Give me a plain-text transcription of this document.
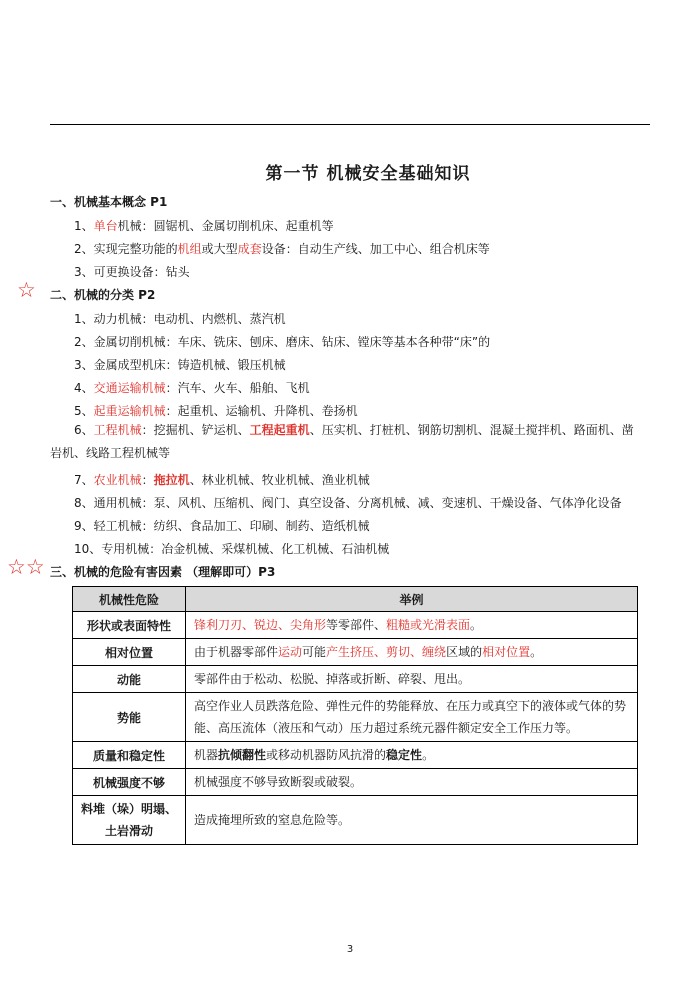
第一节 机械安全基础知识
一、机械基本概念 P1
1、单台机械：圆锯机、金属切削机床、起重机等
2、实现完整功能的机组或大型成套设备：自动生产线、加工中心、组合机床等
3、可更换设备：钻头
☆ 二、机械的分类 P2
1、动力机械：电动机、内燃机、蒸汽机
2、金属切削机械：车床、铣床、刨床、磨床、钻床、镗床等基本各种带“床”的
3、金属成型机床：铸造机械、锻压机械
4、交通运输机械：汽车、火车、船舶、飞机
5、起重运输机械：起重机、运输机、升降机、卷扬机
6、工程机械：挖掘机、铲运机、工程起重机、压实机、打桩机、钢筋切割机、混凝土搅拌机、路面机、凿岩机、线路工程机械等
7、农业机械：拖拉机、林业机械、牧业机械、渔业机械
8、通用机械：泵、风机、压缩机、阀门、真空设备、分离机械、减、变速机、干燥设备、气体净化设备
9、轻工机械：纺织、食品加工、印刷、制药、造纸机械
10、专用机械：冶金机械、采煤机械、化工机械、石油机械
☆☆ 三、机械的危险有害因素 （理解即可）P3
机械性危险	举例
形状或表面特性	锋利刀刃、锐边、尖角形等零部件、粗糙或光滑表面。
相对位置	由于机器零部件运动可能产生挤压、剪切、缠绕区域的相对位置。
动能	零部件由于松动、松脱、掉落或折断、碎裂、甩出。
势能	高空作业人员跌落危险、弹性元件的势能释放、在压力或真空下的液体或气体的势能、高压流体（液压和气动）压力超过系统元器件额定安全工作压力等。
质量和稳定性	机器抗倾翻性或移动机器防风抗滑的稳定性。
机械强度不够	机械强度不够导致断裂或破裂。
料堆（垛）明塌、土岩滑动	造成掩埋所致的窒息危险等。
3
